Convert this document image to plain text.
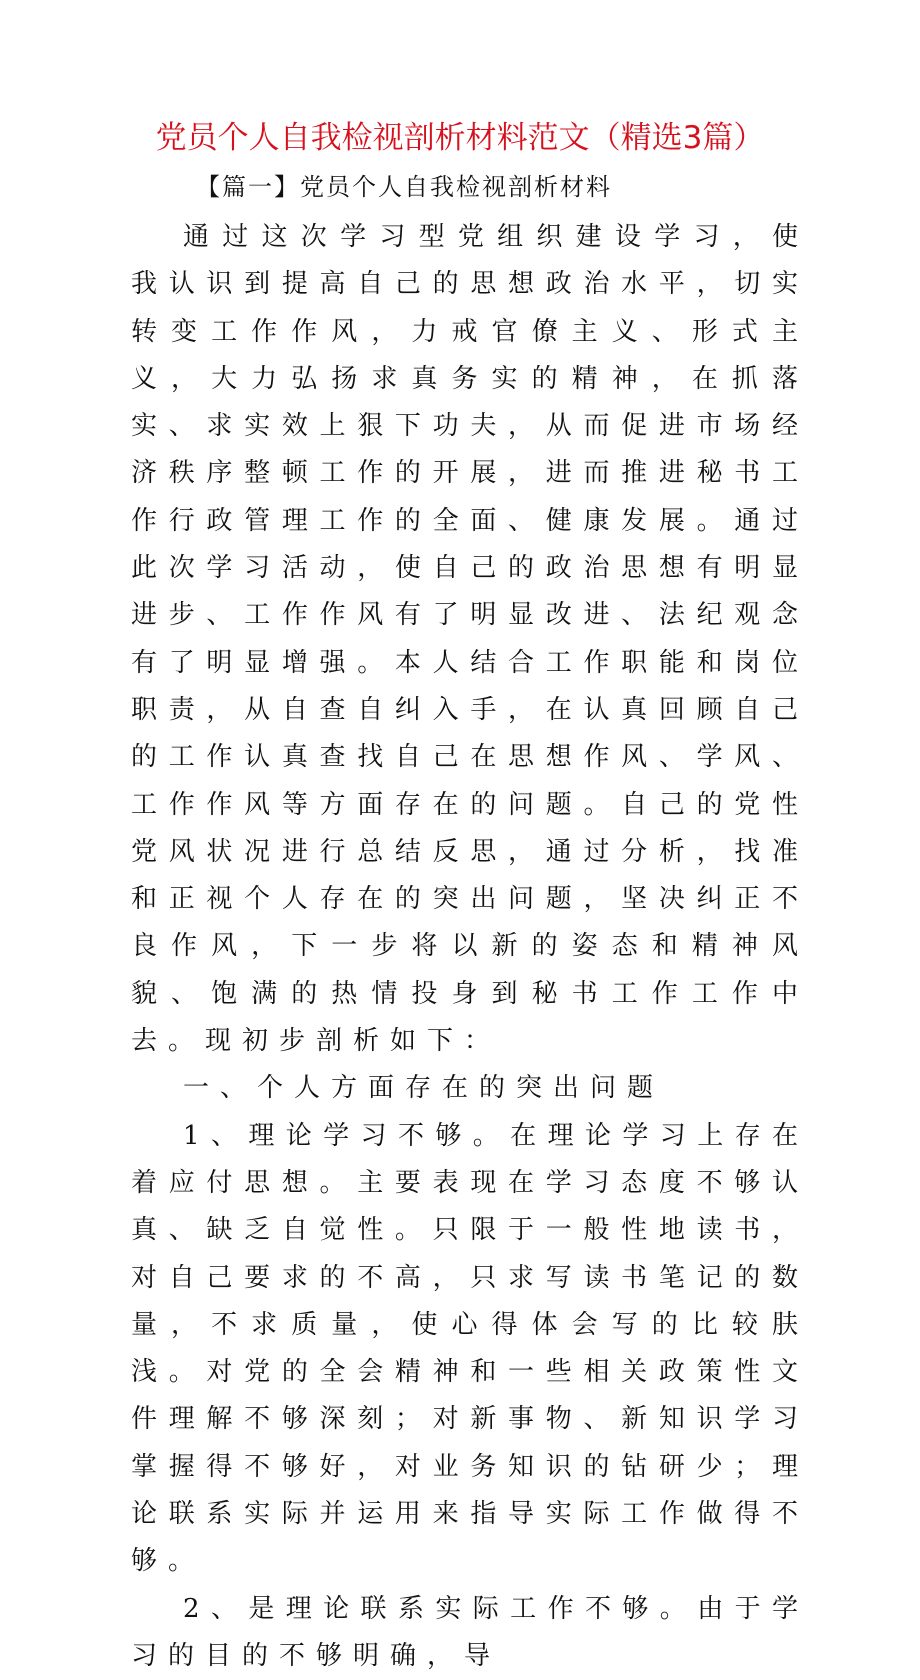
党员个人自我检视剖析材料范文（精选3篇）
【篇一】党员个人自我检视剖析材料

通过这次学习型党组织建设学习，使我认识到提高自己的思想政治水平，切实转变工作作风，力戒官僚主义、形式主义，大力弘扬求真务实的精神，在抓落实、求实效上狠下功夫，从而促进市场经济秩序整顿工作的开展，进而推进秘书工作行政管理工作的全面、健康发展。通过此次学习活动，使自己的政治思想有明显进步、工作作风有了明显改进、法纪观念有了明显增强。本人结合工作职能和岗位职责，从自查自纠入手，在认真回顾自己的工作认真查找自己在思想作风、学风、工作作风等方面存在的问题。自己的党性党风状况进行总结反思，通过分析，找准和正视个人存在的突出问题，坚决纠正不良作风，下一步将以新的姿态和精神风貌、饱满的热情投身到秘书工作工作中去。现初步剖析如下：

一、个人方面存在的突出问题

1、理论学习不够。在理论学习上存在着应付思想。主要表现在学习态度不够认真、缺乏自觉性。只限于一般性地读书，对自己要求的不高，只求写读书笔记的数量，不求质量，使心得体会写的比较肤浅。对党的全会精神和一些相关政策性文件理解不够深刻；对新事物、新知识学习掌握得不够好，对业务知识的钻研少；理论联系实际并运用来指导实际工作做得不够。

2、是理论联系实际工作不够。由于学习的目的不够明确，导
